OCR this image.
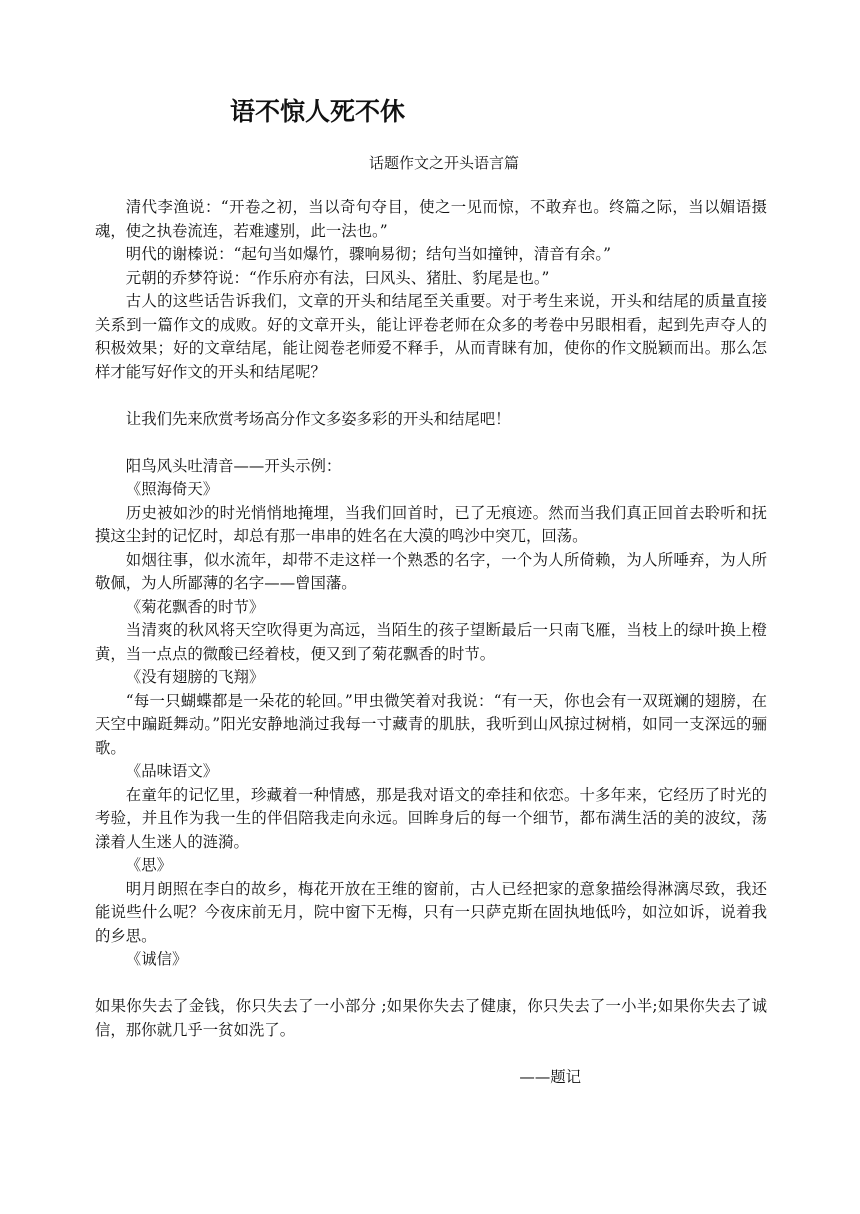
语不惊人死不休
话题作文之开头语言篇

清代李渔说：“开卷之初，当以奇句夺目，使之一见而惊，不敢弃也。终篇之际，当以媚语摄魂，使之执卷流连，若难遽别，此一法也。”

明代的谢榛说：“起句当如爆竹，骤响易彻；结句当如撞钟，清音有余。”

元朝的乔梦符说：“作乐府亦有法，曰风头、猪肚、豹尾是也。”

古人的这些话告诉我们，文章的开头和结尾至关重要。对于考生来说，开头和结尾的质量直接关系到一篇作文的成败。好的文章开头，能让评卷老师在众多的考卷中另眼相看，起到先声夺人的积极效果；好的文章结尾，能让阅卷老师爱不释手，从而青睐有加，使你的作文脱颖而出。那么怎样才能写好作文的开头和结尾呢？

让我们先来欣赏考场高分作文多姿多彩的开头和结尾吧！

阳鸟风头吐清音——开头示例：

《照海倚天》

历史被如沙的时光悄悄地掩埋，当我们回首时，已了无痕迹。然而当我们真正回首去聆听和抚摸这尘封的记忆时，却总有那一串串的姓名在大漠的鸣沙中突兀，回荡。

如烟往事，似水流年，却带不走这样一个熟悉的名字，一个为人所倚赖，为人所唾弃，为人所敬佩，为人所鄙薄的名字——曾国藩。

《菊花飘香的时节》

当清爽的秋风将天空吹得更为高远，当陌生的孩子望断最后一只南飞雁，当枝上的绿叶换上橙黄，当一点点的微酸已经着枝，便又到了菊花飘香的时节。

《没有翅膀的飞翔》

“每一只蝴蝶都是一朵花的轮回。”甲虫微笑着对我说：“有一天，你也会有一双斑斓的翅膀，在天空中蹁跹舞动。”阳光安静地淌过我每一寸藏青的肌肤，我听到山风掠过树梢，如同一支深远的骊歌。

《品味语文》

在童年的记忆里，珍藏着一种情感，那是我对语文的牵挂和依恋。十多年来，它经历了时光的考验，并且作为我一生的伴侣陪我走向永远。回眸身后的每一个细节，都布满生活的美的波纹，荡漾着人生迷人的涟漪。

《思》

明月朗照在李白的故乡，梅花开放在王维的窗前，古人已经把家的意象描绘得淋漓尽致，我还能说些什么呢？今夜床前无月，院中窗下无梅，只有一只萨克斯在固执地低吟，如泣如诉，说着我的乡思。

《诚信》

如果你失去了金钱，你只失去了一小部分 ;如果你失去了健康，你只失去了一小半;如果你失去了诚信，那你就几乎一贫如洗了。

——题记
